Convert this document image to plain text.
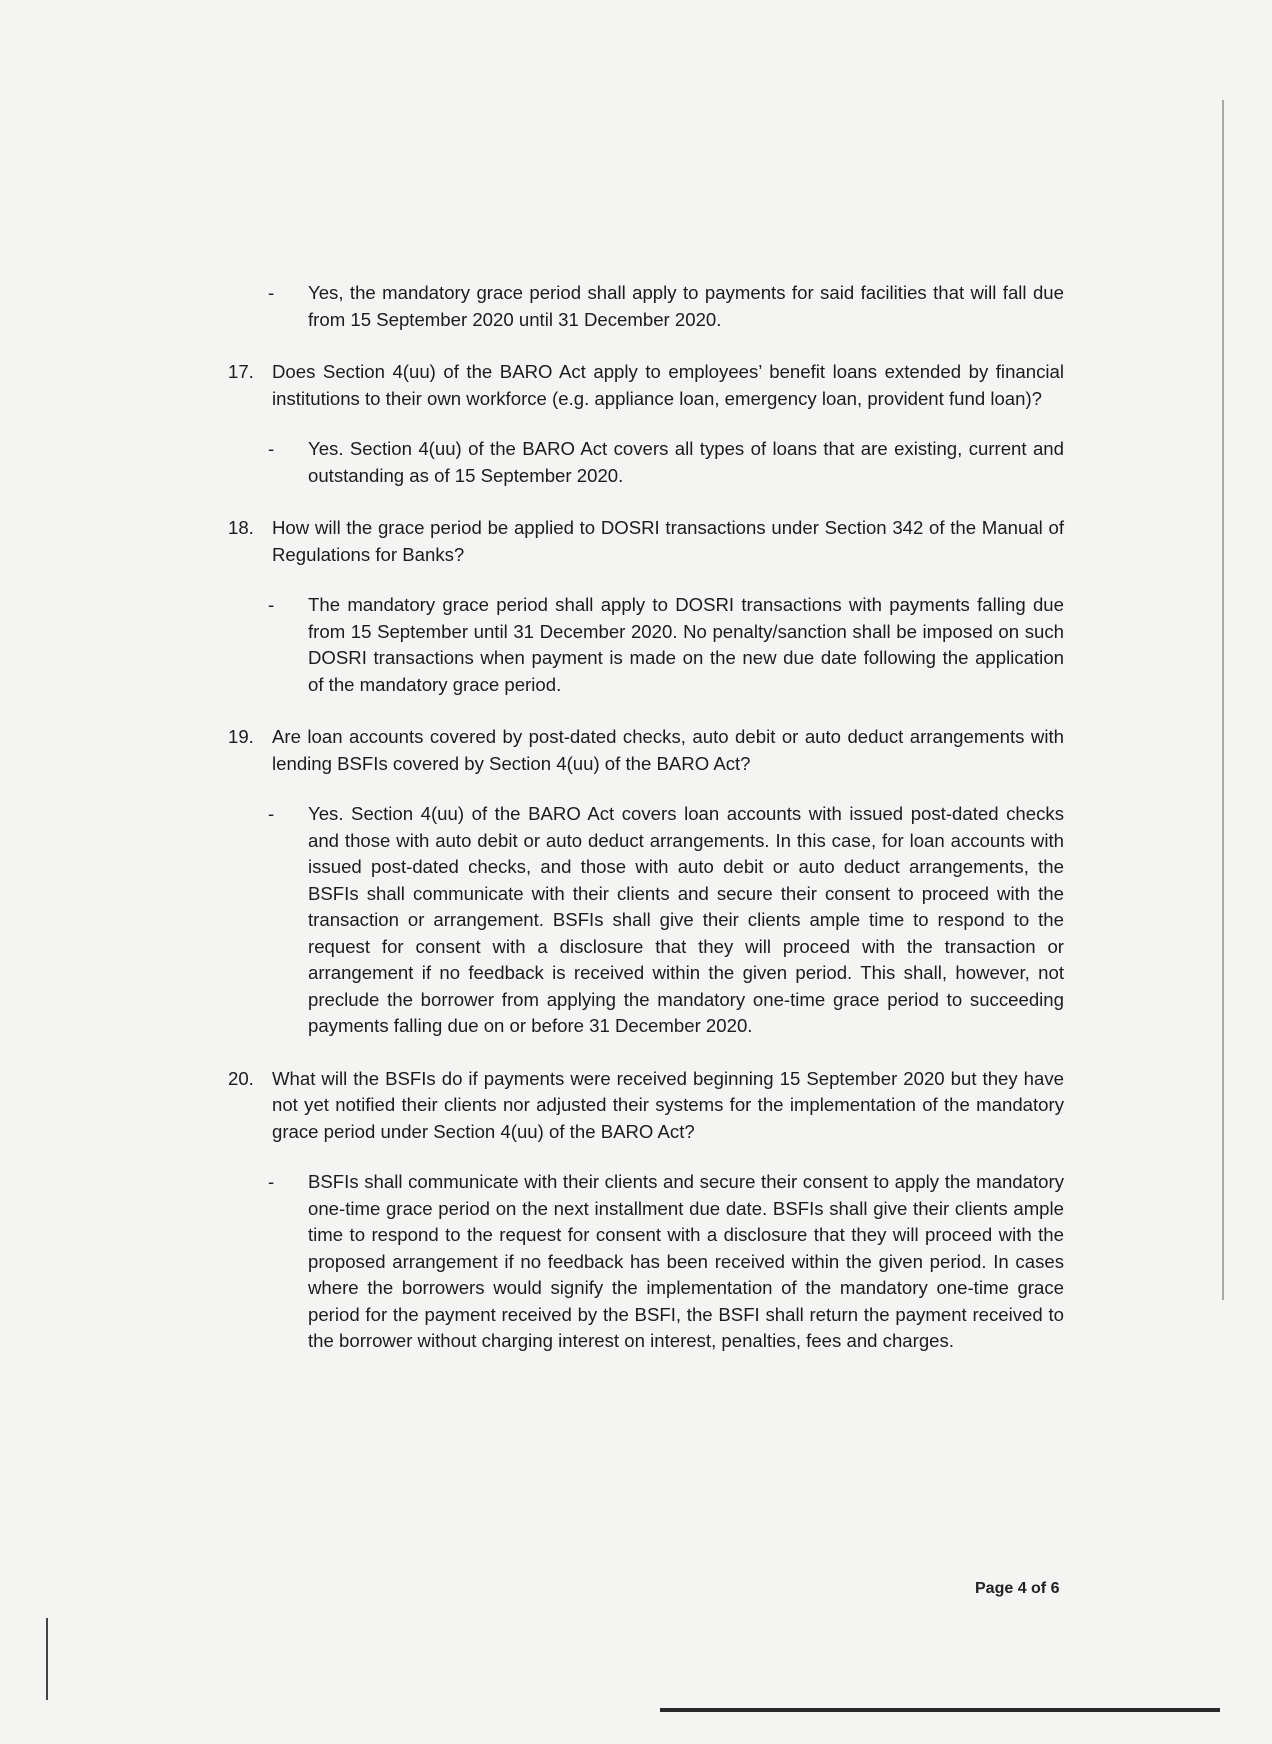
- Yes, the mandatory grace period shall apply to payments for said facilities that will fall due from 15 September 2020 until 31 December 2020.
17. Does Section 4(uu) of the BARO Act apply to employees’ benefit loans extended by financial institutions to their own workforce (e.g. appliance loan, emergency loan, provident fund loan)?
- Yes. Section 4(uu) of the BARO Act covers all types of loans that are existing, current and outstanding as of 15 September 2020.
18. How will the grace period be applied to DOSRI transactions under Section 342 of the Manual of Regulations for Banks?
- The mandatory grace period shall apply to DOSRI transactions with payments falling due from 15 September until 31 December 2020. No penalty/sanction shall be imposed on such DOSRI transactions when payment is made on the new due date following the application of the mandatory grace period.
19. Are loan accounts covered by post-dated checks, auto debit or auto deduct arrangements with lending BSFIs covered by Section 4(uu) of the BARO Act?
- Yes. Section 4(uu) of the BARO Act covers loan accounts with issued post-dated checks and those with auto debit or auto deduct arrangements. In this case, for loan accounts with issued post-dated checks, and those with auto debit or auto deduct arrangements, the BSFIs shall communicate with their clients and secure their consent to proceed with the transaction or arrangement. BSFIs shall give their clients ample time to respond to the request for consent with a disclosure that they will proceed with the transaction or arrangement if no feedback is received within the given period. This shall, however, not preclude the borrower from applying the mandatory one-time grace period to succeeding payments falling due on or before 31 December 2020.
20. What will the BSFIs do if payments were received beginning 15 September 2020 but they have not yet notified their clients nor adjusted their systems for the implementation of the mandatory grace period under Section 4(uu) of the BARO Act?
- BSFIs shall communicate with their clients and secure their consent to apply the mandatory one-time grace period on the next installment due date. BSFIs shall give their clients ample time to respond to the request for consent with a disclosure that they will proceed with the proposed arrangement if no feedback has been received within the given period. In cases where the borrowers would signify the implementation of the mandatory one-time grace period for the payment received by the BSFI, the BSFI shall return the payment received to the borrower without charging interest on interest, penalties, fees and charges.
Page 4 of 6
